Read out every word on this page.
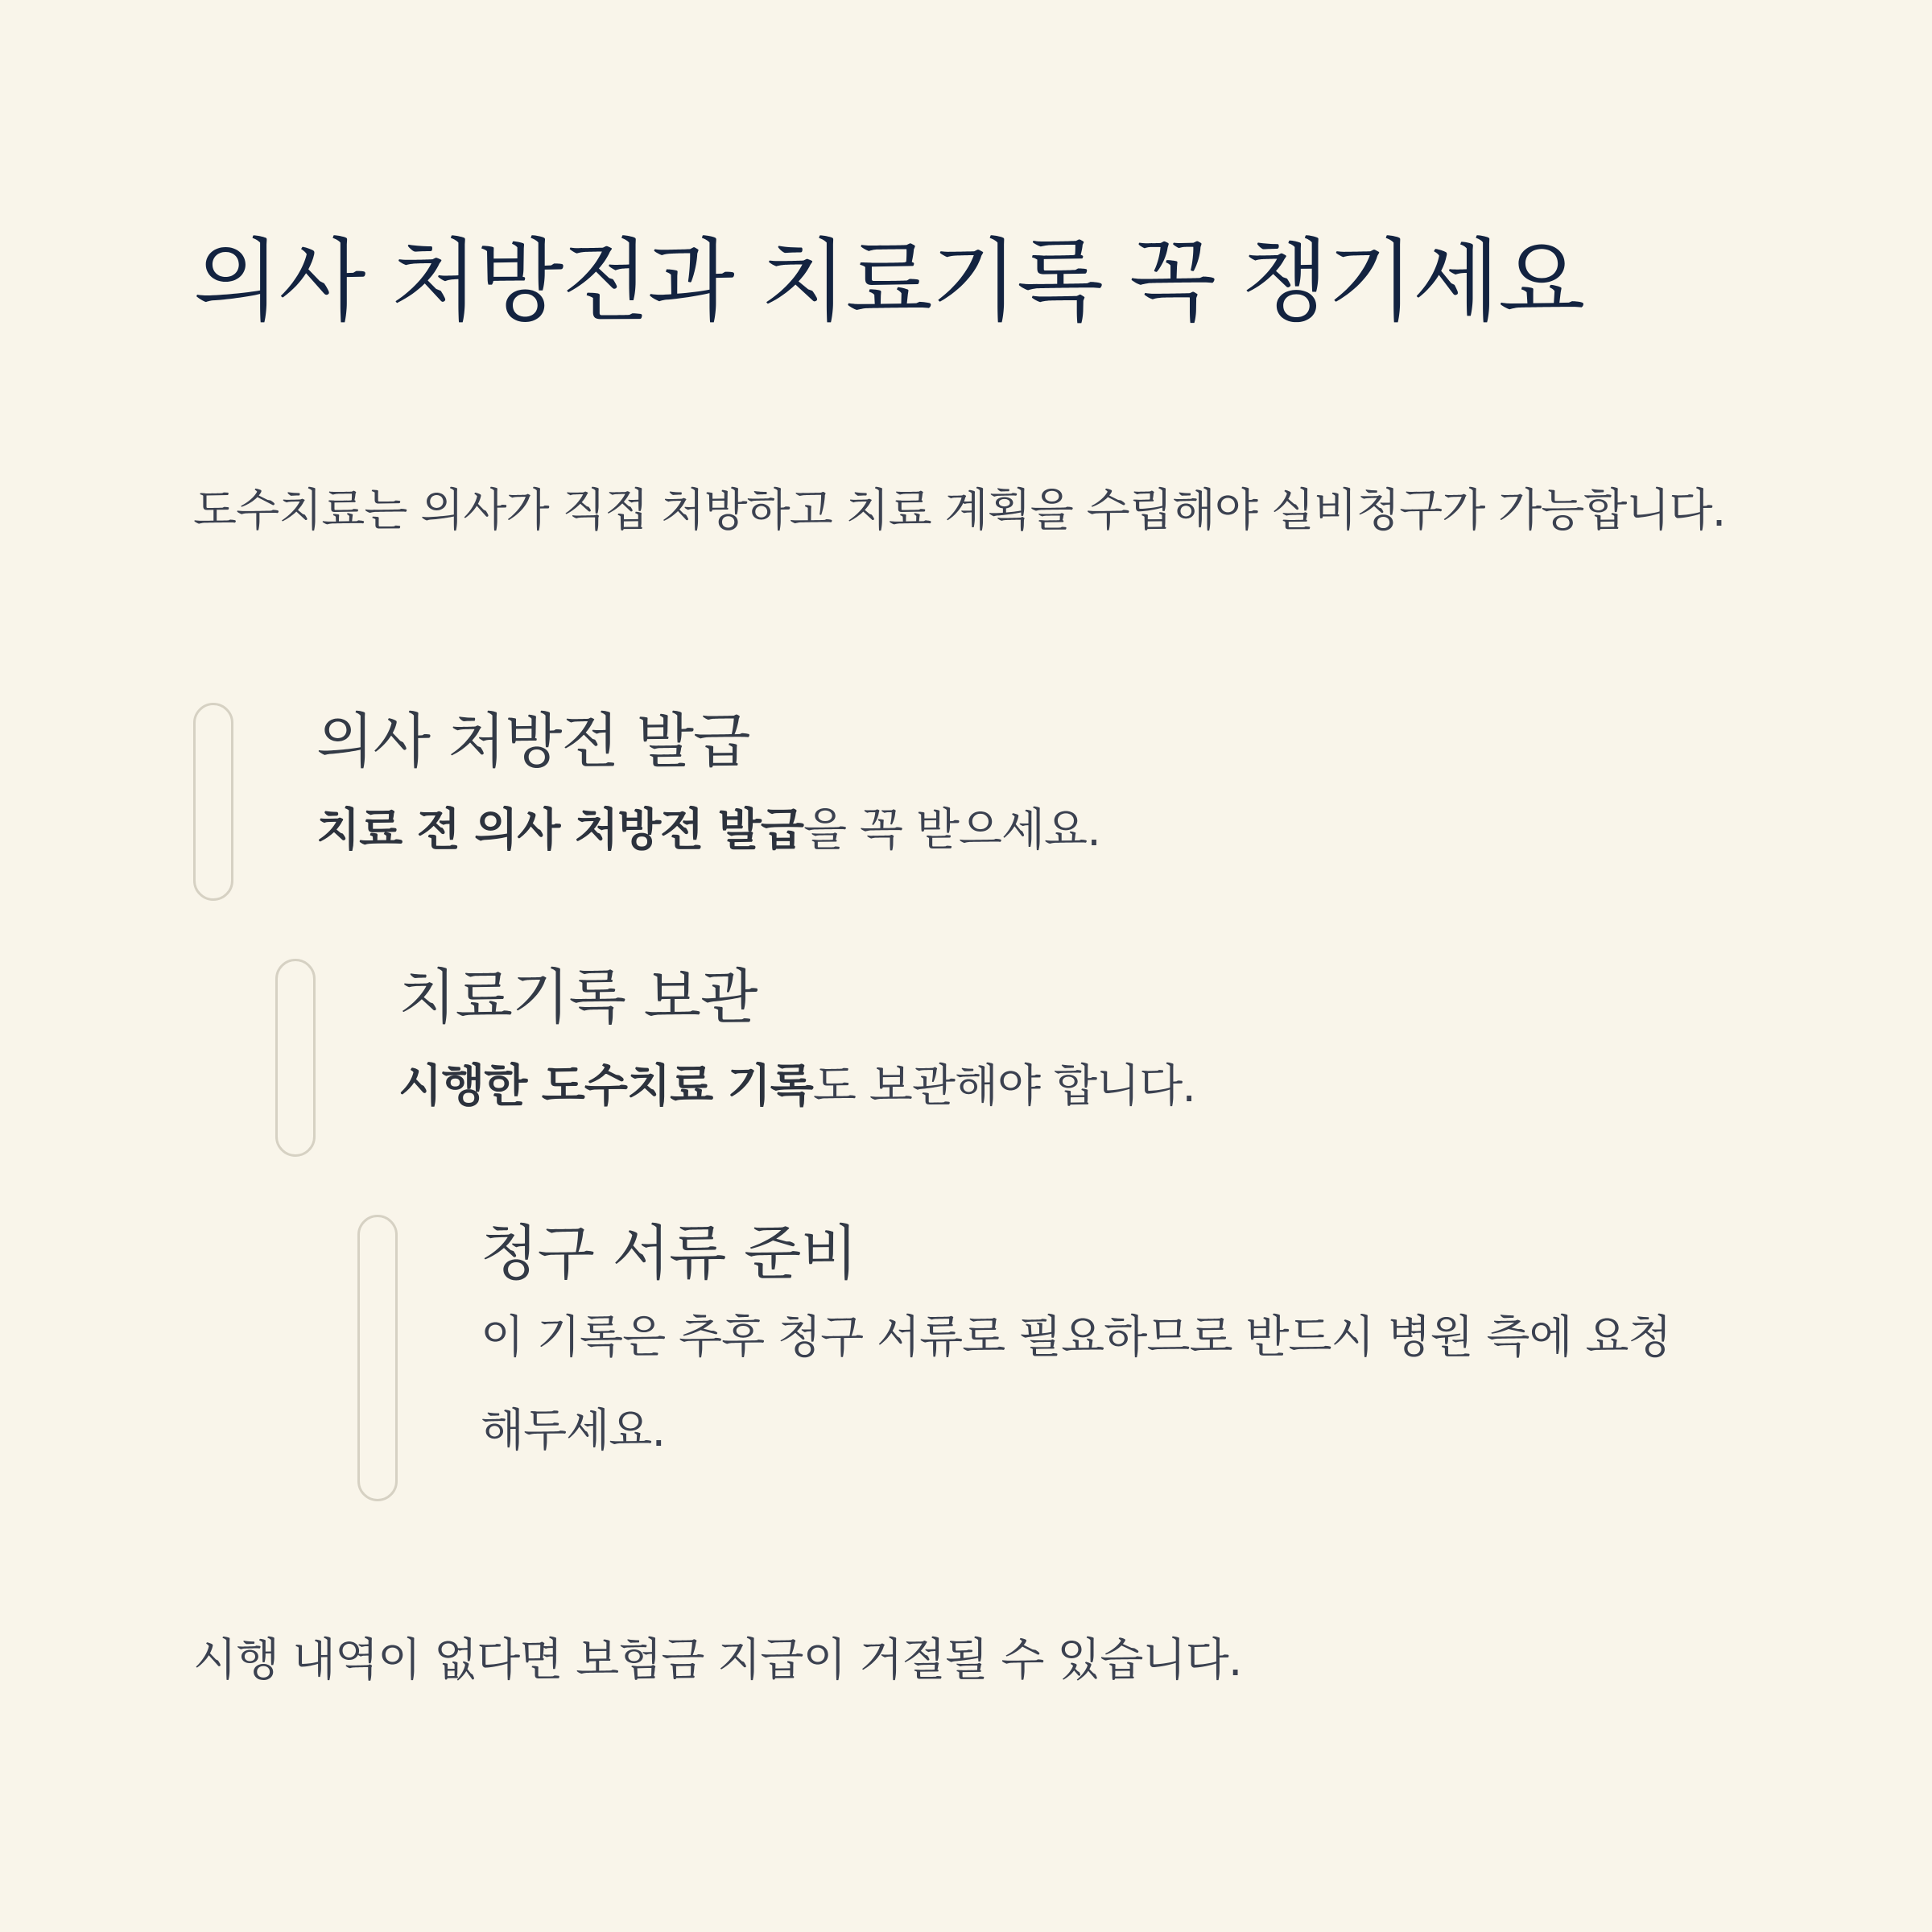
의사 처방전과 치료기록 꼭 챙기세요

도수치료는 의사가 직접 처방하고 치료 계획을 수립해야 실비청구가 가능합니다.

의사 처방전 발급

치료 전 의사 처방전 발급을 꼭 받으세요.

치료기록 보관

시행한 도수치료 기록도 보관해야 합니다.

청구 서류 준비

이 기록은 추후 청구 서류로 필요하므로 반드시 병원 측에 요청해두세요.

시행 내역이 없다면 보험금 지급이 거절될 수 있습니다.
